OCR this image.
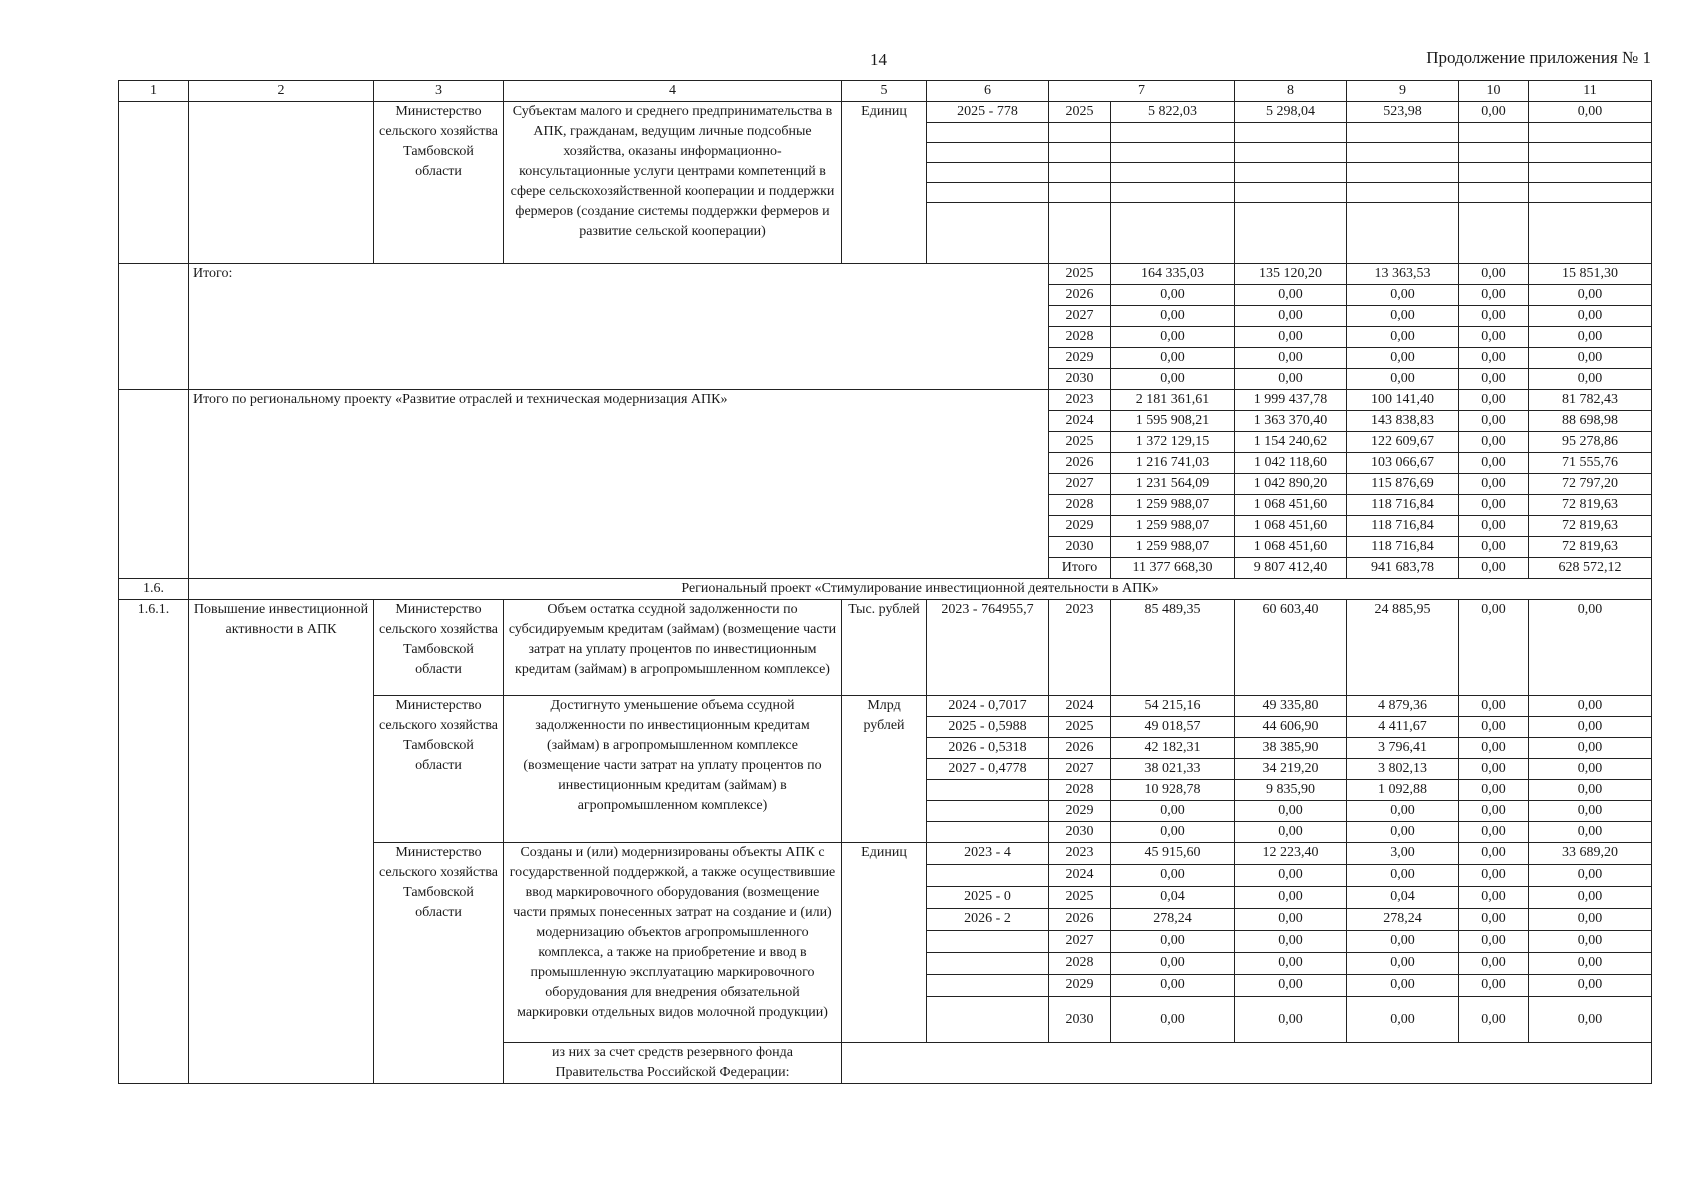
14	Продолжение приложения № 1
1	2	3	4	5	6	7		8	9	10	11
		Министерство сельского хозяйства Тамбовской области	Субъектам малого и среднего предпринимательства в АПК, гражданам, ведущим личные подсобные хозяйства, оказаны информационно-консультационные услуги центрами компетенций в сфере сельскохозяйственной кооперации и поддержки фермеров (создание системы поддержки фермеров и развитие сельской кооперации)	Единиц	2025 - 778	2025	5 822,03	5 298,04	523,98	0,00	0,00

	Итого:					2025	164 335,03	135 120,20	13 363,53	0,00	15 851,30
						2026	0,00	0,00	0,00	0,00	0,00
						2027	0,00	0,00	0,00	0,00	0,00
						2028	0,00	0,00	0,00	0,00	0,00
						2029	0,00	0,00	0,00	0,00	0,00
						2030	0,00	0,00	0,00	0,00	0,00
	Итого по региональному проекту «Развитие отраслей и техническая модернизация АПК»					2023	2 181 361,61	1 999 437,78	100 141,40	0,00	81 782,43
						2024	1 595 908,21	1 363 370,40	143 838,83	0,00	88 698,98
						2025	1 372 129,15	1 154 240,62	122 609,67	0,00	95 278,86
						2026	1 216 741,03	1 042 118,60	103 066,67	0,00	71 555,76
						2027	1 231 564,09	1 042 890,20	115 876,69	0,00	72 797,20
						2028	1 259 988,07	1 068 451,60	118 716,84	0,00	72 819,63
						2029	1 259 988,07	1 068 451,60	118 716,84	0,00	72 819,63
						2030	1 259 988,07	1 068 451,60	118 716,84	0,00	72 819,63
						Итого	11 377 668,30	9 807 412,40	941 683,78	0,00	628 572,12
1.6.	Региональный проект «Стимулирование инвестиционной деятельности в АПК»										
1.6.1.	Повышение инвестиционной активности в АПК	Министерство сельского хозяйства Тамбовской области	Объем остатка ссудной задолженности по субсидируемым кредитам (займам) (возмещение части затрат на уплату процентов по инвестиционным кредитам (займам) в агропромышленном комплексе)	Тыс. рублей	2023 - 764955,7	2023	85 489,35	60 603,40	24 885,95	0,00	0,00
		Министерство сельского хозяйства Тамбовской области	Достигнуто уменьшение объема ссудной задолженности по инвестиционным кредитам (займам) в агропромышленном комплексе (возмещение части затрат на уплату процентов по инвестиционным кредитам (займам) в агропромышленном комплексе)	Млрд рублей	2024 - 0,7017	2024	54 215,16	49 335,80	4 879,36	0,00	0,00
					2025 - 0,5988	2025	49 018,57	44 606,90	4 411,67	0,00	0,00
					2026 - 0,5318	2026	42 182,31	38 385,90	3 796,41	0,00	0,00
					2027 - 0,4778	2027	38 021,33	34 219,20	3 802,13	0,00	0,00
						2028	10 928,78	9 835,90	1 092,88	0,00	0,00
						2029	0,00	0,00	0,00	0,00	0,00
						2030	0,00	0,00	0,00	0,00	0,00
		Министерство сельского хозяйства Тамбовской области	Созданы и (или) модернизированы объекты АПК с государственной поддержкой, а также осуществившие ввод маркировочного оборудования (возмещение части прямых понесенных затрат на создание и (или) модернизацию объектов агропромышленного комплекса, а также на приобретение и ввод в промышленную эксплуатацию маркировочного оборудования для внедрения обязательной маркировки отдельных видов молочной продукции)	Единиц	2023 - 4	2023	45 915,60	12 223,40	3,00	0,00	33 689,20
						2024	0,00	0,00	0,00	0,00	0,00
					2025 - 0	2025	0,04	0,00	0,04	0,00	0,00
					2026 - 2	2026	278,24	0,00	278,24	0,00	0,00
						2027	0,00	0,00	0,00	0,00	0,00
						2028	0,00	0,00	0,00	0,00	0,00
						2029	0,00	0,00	0,00	0,00	0,00
						2030	0,00	0,00	0,00	0,00	0,00
			из них за счет средств резервного фонда Правительства Российской Федерации:								
